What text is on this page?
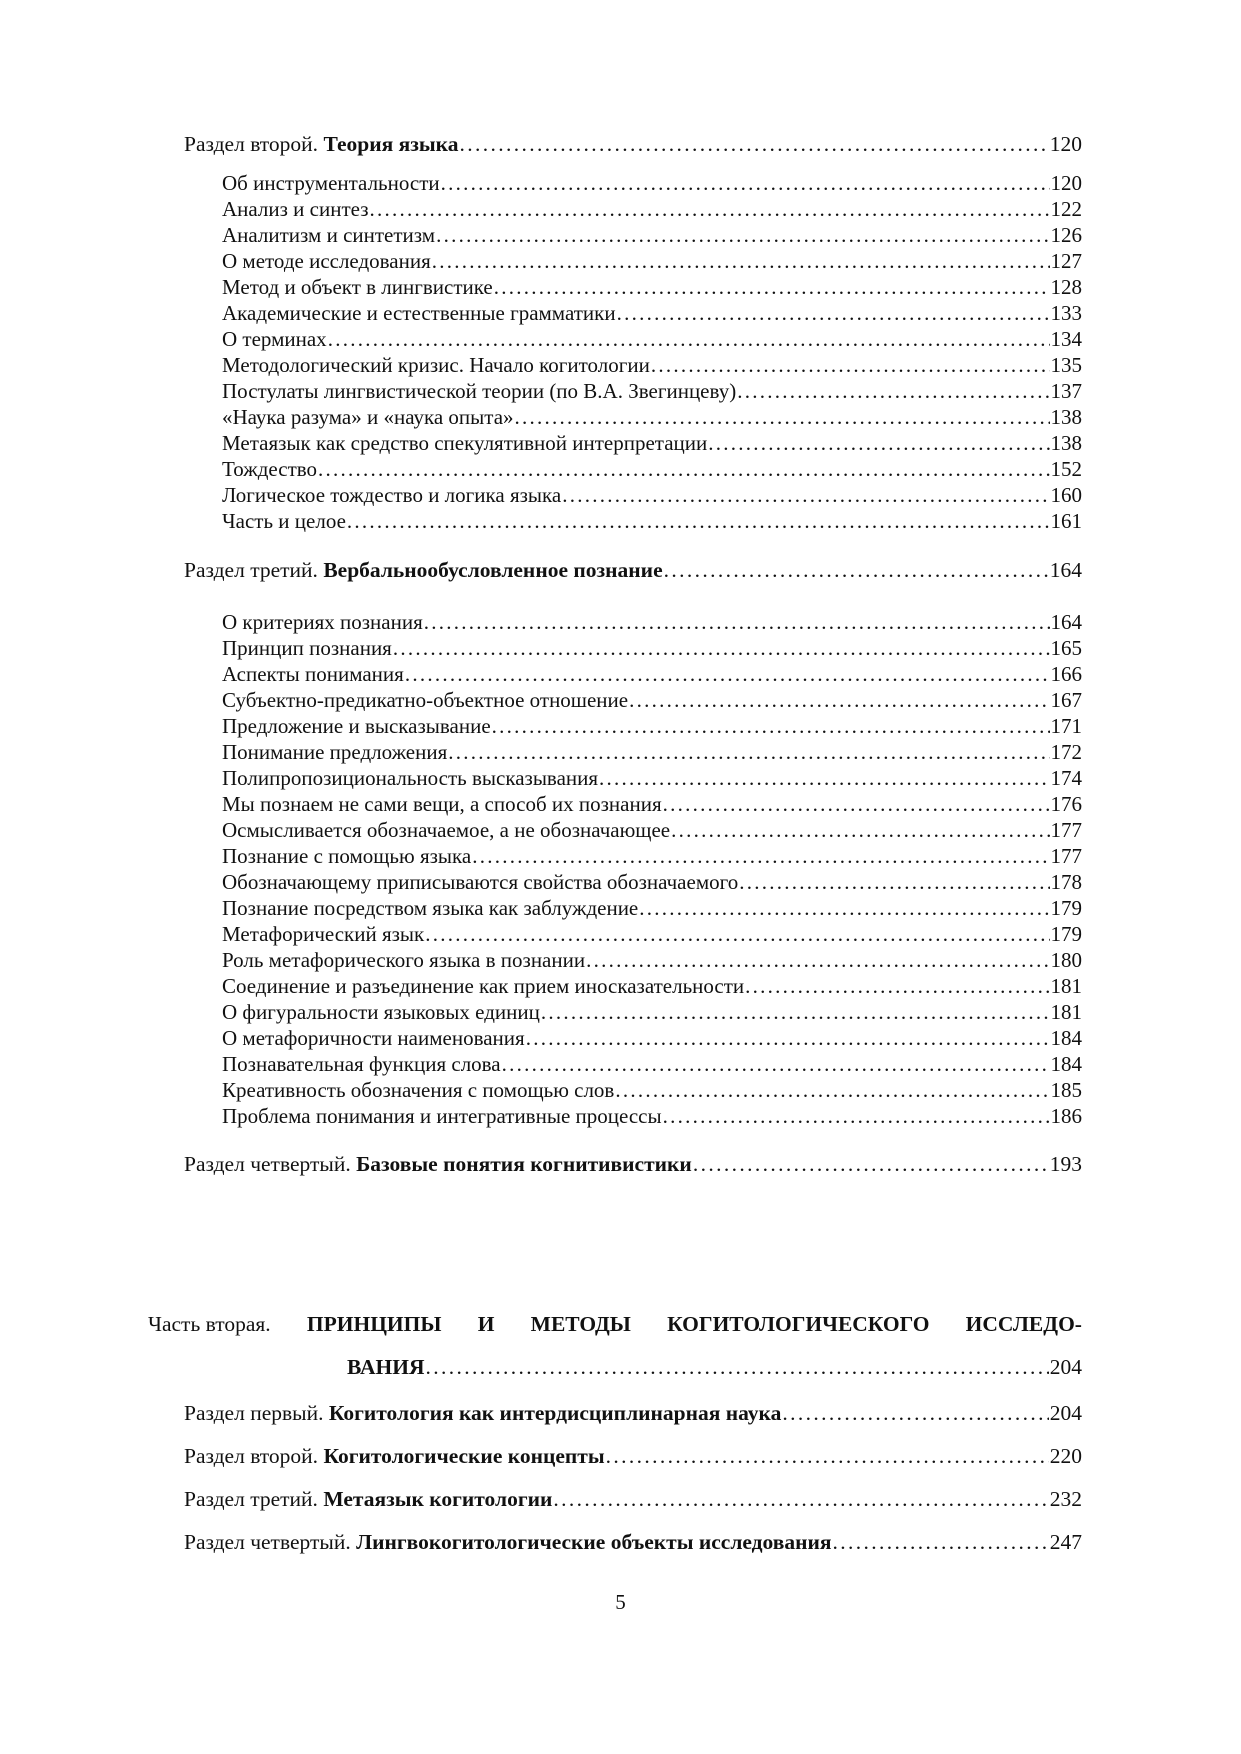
Раздел второй. Теория языка . . .	120
Об инструментальности . . .	120
Анализ и синтез . . .	122
Аналитизм и синтетизм . . .	126
О методе исследования . . .	127
Метод и объект в лингвистике . . .	128
Академические и естественные грамматики . . .	133
О терминах . . .	134
Методологический кризис. Начало когитологии . . .	135
Постулаты лингвистической теории (по В.А. Звегинцеву) . . .	137
«Наука разума» и «наука опыта» . . .	138
Метаязык как средство спекулятивной интерпретации . . .	138
Тождество . . .	152
Логическое тождество и логика языка . . .	160
Часть и целое . . .	161
Раздел третий. Вербальнообусловленное познание . . .	164
О критериях познания . . .	164
Принцип познания . . .	165
Аспекты понимания . . .	166
Субъектно-предикатно-объектное отношение . . .	167
Предложение и высказывание . . .	171
Понимание предложения . . .	172
Полипропозициональность высказывания . . .	174
Мы познаем не сами вещи, а способ их познания . . .	176
Осмысливается обозначаемое, а не обозначающее . . .	177
Познание с помощью языка . . .	177
Обозначающему приписываются свойства обозначаемого . . .	178
Познание посредством языка как заблуждение . . .	179
Метафорический язык . . .	179
Роль метафорического языка в познании . . .	180
Соединение и разъединение как прием иносказательности . . .	181
О фигуральности языковых единиц . . .	181
О метафоричности наименования . . .	184
Познавательная функция слова . . .	184
Креативность обозначения с помощью слов . . .	185
Проблема понимания и интегративные процессы . . .	186
Раздел четвертый. Базовые понятия когнитивистики . . .	193
Часть вторая. ПРИНЦИПЫ И МЕТОДЫ КОГИТОЛОГИЧЕСКОГО ИССЛЕДО-
ВАНИЯ . . .	204
Раздел первый. Когитология как интердисциплинарная наука . . .	204
Раздел второй. Когитологические концепты . . .	220
Раздел третий. Метаязык когитологии . . .	232
Раздел четвертый. Лингвокогитологические объекты исследования . . .	247
5
